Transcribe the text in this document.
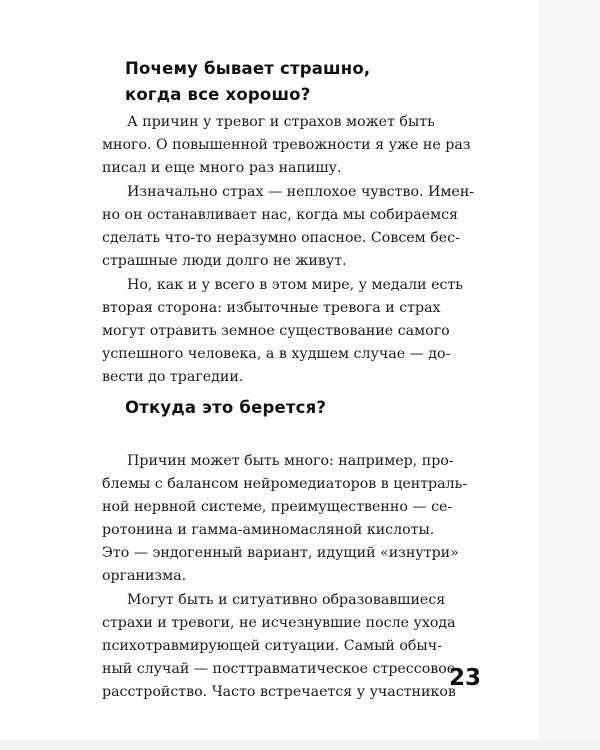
Почему бывает страшно,
когда все хорошо?

А причин у тревог и страхов может быть

много. О повышенной тревожности я уже не раз

писал и еще много раз напишу.

Изначально страх — неплохое чувство. Имен-

но он останавливает нас, когда мы собираемся

сделать что-то неразумно опасное. Совсем бес-

страшные люди долго не живут.

Но, как и у всего в этом мире, у медали есть

вторая сторона: избыточные тревога и страх

могут отравить земное существование самого

успешного человека, а в худшем случае — до-

вести до трагедии.

Откуда это берется?

Причин может быть много: например, про-

блемы с балансом нейромедиаторов в централь-

ной нервной системе, преимущественно — се-

ротонина и гамма-аминомасляной кислоты.

Это — эндогенный вариант, идущий «изнутри»

организма.

Могут быть и ситуативно образовавшиеся

страхи и тревоги, не исчезнувшие после ухода

психотравмирующей ситуации. Самый обыч-

ный случай — посттравматическое стрессовое

расстройство. Часто встречается у участников

23
